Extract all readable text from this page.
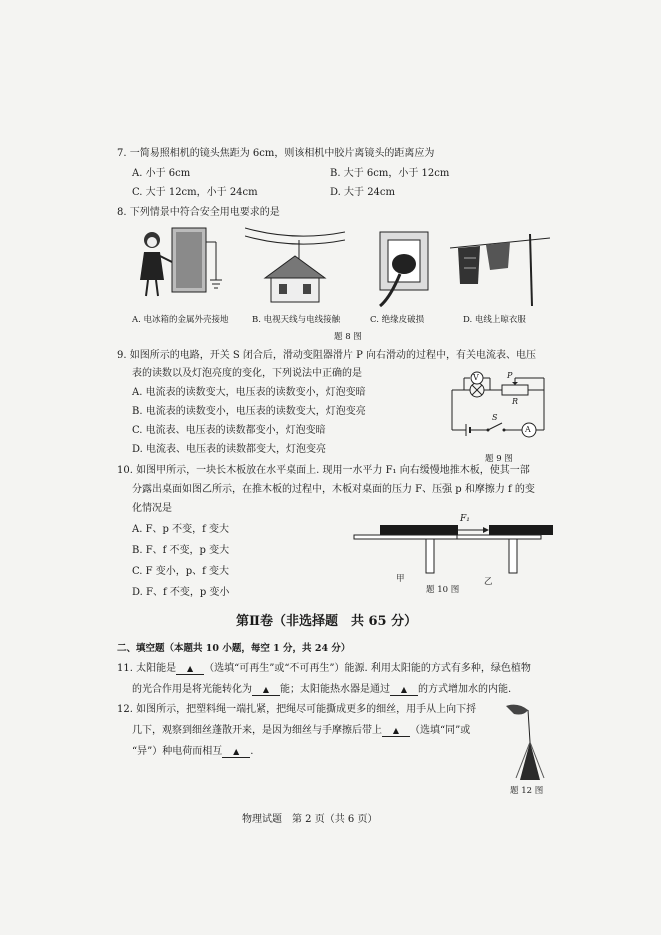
7. 一简易照相机的镜头焦距为 6cm，则该相机中胶片离镜头的距离应为
A. 小于 6cm	B. 大于 6cm，小于 12cm
C. 大于 12cm，小于 24cm	D. 大于 24cm
8. 下列情景中符合安全用电要求的是
A. 电冰箱的金属外壳接地	B. 电视天线与电线接触	C. 绝缘皮破损	D. 电线上晾衣服
题 8 图
9. 如图所示的电路，开关 S 闭合后，滑动变阻器滑片 P 向右滑动的过程中，有关电流表、电压
表的读数以及灯泡亮度的变化，下列说法中正确的是
A. 电流表的读数变大，电压表的读数变小，灯泡变暗
B. 电流表的读数变小，电压表的读数变大，灯泡变亮
C. 电流表、电压表的读数都变小，灯泡变暗
D. 电流表、电压表的读数都变大，灯泡变亮
V
A
P
R
S
题 9 图
10. 如图甲所示，一块长木板放在水平桌面上. 现用一水平力 F₁ 向右缓慢地推木板，使其一部
分露出桌面如图乙所示，在推木板的过程中，木板对桌面的压力 F、压强 p 和摩擦力 f 的变
化情况是
A. F、p 不变，f 变大
B. F、f 不变，p 变大
C. F 变小，p、f 变大
D. F、f 不变，p 变小
F₁
甲	乙
题 10 图
第Ⅱ卷（非选择题　共 65 分）
二、填空题（本题共 10 小题，每空 1 分，共 24 分）
11. 太阳能是 ▲ （选填“可再生”或“不可再生”）能源. 利用太阳能的方式有多种，绿色植物
的光合作用是将光能转化为 ▲ 能；太阳能热水器是通过 ▲ 的方式增加水的内能.
12. 如图所示，把塑料绳一端扎紧，把绳尽可能撕成更多的细丝，用手从上向下捋
几下，观察到细丝蓬散开来，是因为细丝与手摩擦后带上 ▲ （选填“同”或
“异”）种电荷而相互 ▲ .
题 12 图
物理试题　第 2 页（共 6 页）
